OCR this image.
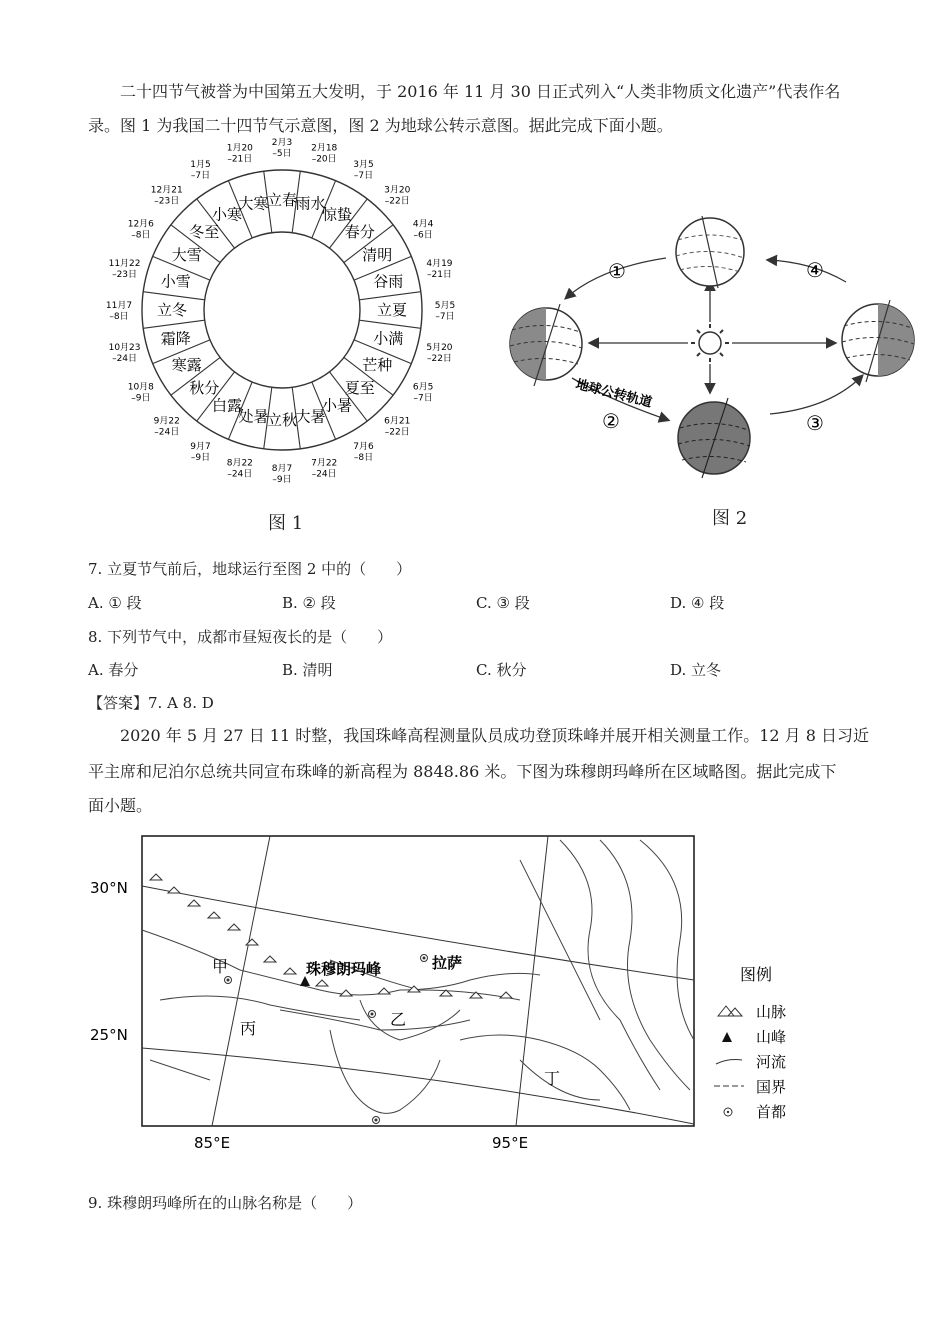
二十四节气被誉为中国第五大发明，于 2016 年 11 月 30 日正式列入“人类非物质文化遗产”代表作名
录。图 1 为我国二十四节气示意图，图 2 为地球公转示意图。据此完成下面小题。
大寒
立春
雨水
惊蛰
春分
清明
谷雨
立夏
小满
芒种
夏至
小暑
大暑
立秋
处暑
白露
秋分
寒露
霜降
立冬
小雪
大雪
冬至
小寒
1月20 –21日
2月3 –5日
2月18 –20日
3月5 –7日
3月20 –22日
4月4 –6日
4月19 –21日
5月5 –7日
5月20 –22日
6月5 –7日
6月21 –22日
7月6 –8日
7月22 –24日
8月7 –9日
8月22 –24日
9月7 –9日
9月22 –24日
10月8 –9日
10月23 –24日
11月7 –8日
11月22 –23日
12月6 –8日
12月21 –23日
1月5 –7日
图 1
①	④
②	③
地球公转轨道
图 2
7. 立夏节气前后，地球运行至图 2 中的（　　）
A. ① 段	B. ② 段	C. ③ 段	D. ④ 段
8. 下列节气中，成都市昼短夜长的是（　　）
A. 春分	B. 清明	C. 秋分	D. 立冬
【答案】7. A 8. D
2020 年 5 月 27 日 11 时整，我国珠峰高程测量队员成功登顶珠峰并展开相关测量工作。12 月 8 日习近
平主席和尼泊尔总统共同宣布珠峰的新高程为 8848.86 米。下图为珠穆朗玛峰所在区域略图。据此完成下
面小题。
30°N
25°N
85°E	95°E
珠穆朗玛峰	拉萨
甲
乙
丙
丁
图例
山脉
山峰
河流
国界
首都
9. 珠穆朗玛峰所在的山脉名称是（　　）
